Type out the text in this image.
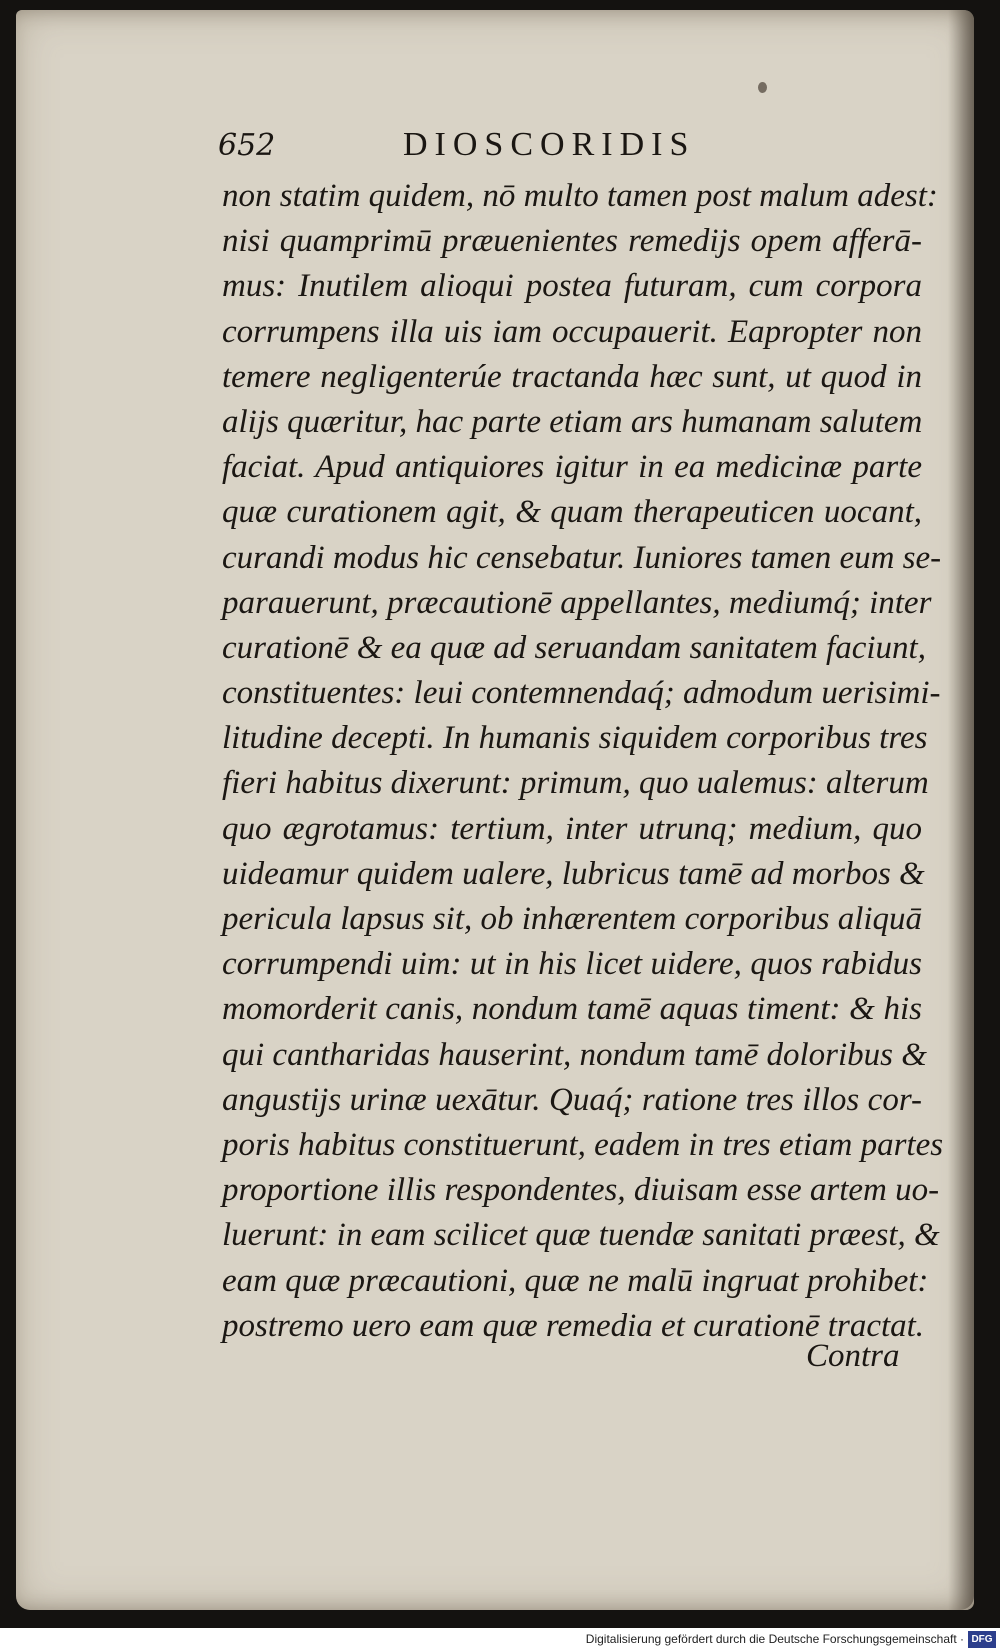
652	DIOSCORIDIS
non statim quidem, nō multo tamen post malum adest:
nisi quamprimū præuenientes remedijs opem afferā-
mus: Inutilem alioqui postea futuram, cum corpora
corrumpens illa uis iam occupauerit. Eapropter non
temere negligenterúe tractanda hæc sunt, ut quod in
alijs quæritur, hac parte etiam ars humanam salutem
faciat. Apud antiquiores igitur in ea medicinæ parte
quæ curationem agit, & quam therapeuticen uocant,
curandi modus hic censebatur. Iuniores tamen eum se-
parauerunt, præcautionē appellantes, mediumq́; inter
curationē & ea quæ ad seruandam sanitatem faciunt,
constituentes: leui contemnendaq́; admodum uerisimi-
litudine decepti. In humanis siquidem corporibus tres
fieri habitus dixerunt: primum, quo ualemus: alterum
quo ægrotamus: tertium, inter utrunq; medium, quo
uideamur quidem ualere, lubricus tamē ad morbos &
pericula lapsus sit, ob inhærentem corporibus aliquā
corrumpendi uim: ut in his licet uidere, quos rabidus
momorderit canis, nondum tamē aquas timent: & his
qui cantharidas hauserint, nondum tamē doloribus &
angustijs urinæ uexātur. Quaq́; ratione tres illos cor-
poris habitus constituerunt, eadem in tres etiam partes
proportione illis respondentes, diuisam esse artem uo-
luerunt: in eam scilicet quæ tuendæ sanitati præest, &
eam quæ præcautioni, quæ ne malū ingruat prohibet:
postremo uero eam quæ remedia et curationē tractat.
Contra
Digitalisierung gefördert durch die Deutsche Forschungsgemeinschaft · DFG
